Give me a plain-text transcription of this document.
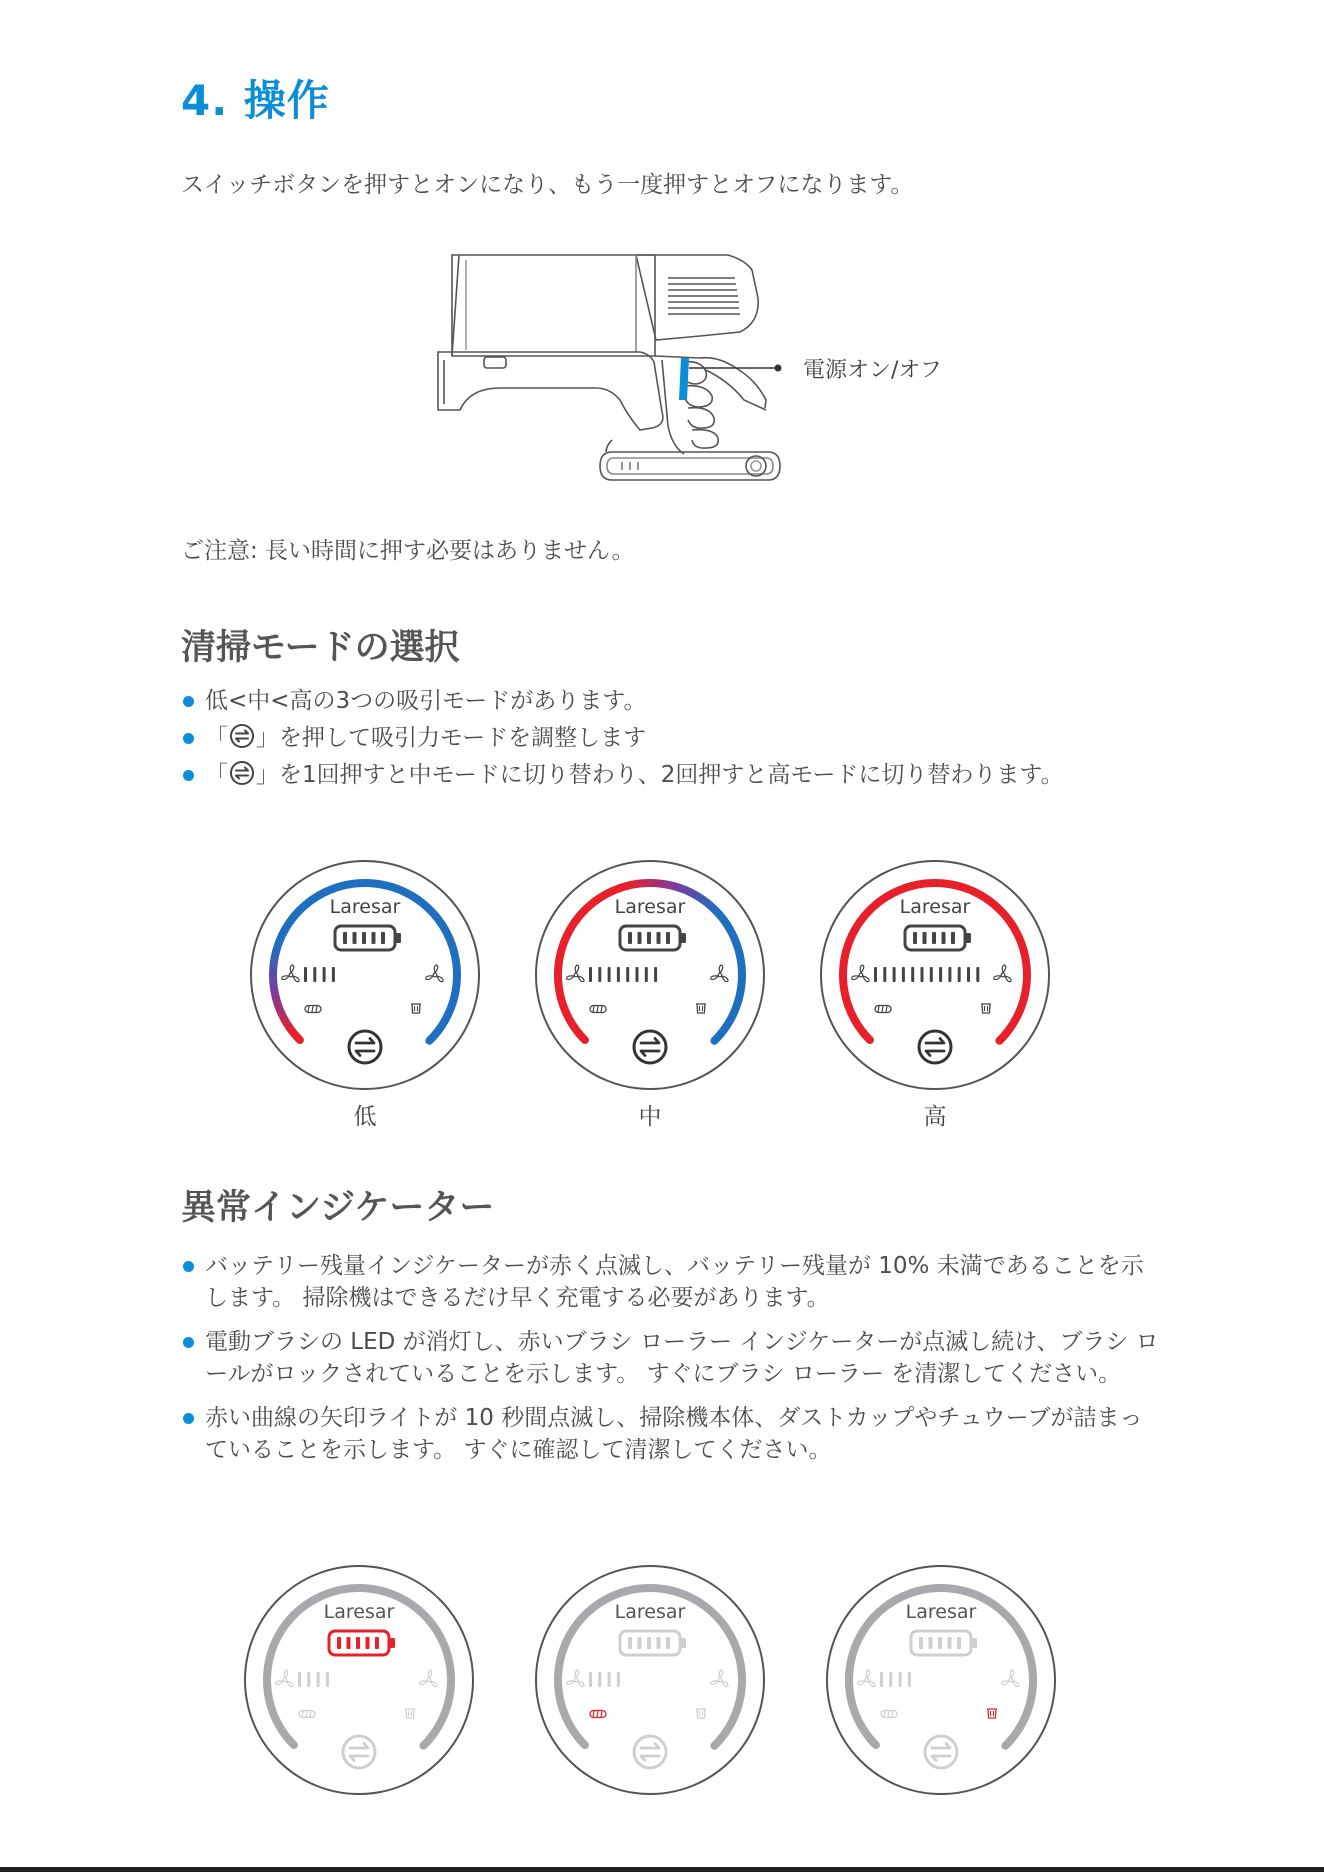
4. 操作
スイッチボタンを押すとオンになり、もう一度押すとオフになります。
電源オン/オフ
ご注意: 長い時間に押す必要はありません。
清掃モードの選択
低<中<高の3つの吸引モードがあります。
「 」を押して吸引力モードを調整します
「 」を1回押すと中モードに切り替わり、2回押すと高モードに切り替わります。
低	中	高
異常インジケーター
バッテリー残量インジケーターが赤く点滅し、バッテリー残量が 10% 未満であることを示します。 掃除機はできるだけ早く充電する必要があります。
電動ブラシの LED が消灯し、赤いブラシ ローラー インジケーターが点滅し続け、ブラシ ロールがロックされていることを示します。 すぐにブラシ ローラー を清潔してください。
赤い曲線の矢印ライトが 10 秒間点滅し、掃除機本体、ダストカップやチュウーブが詰まっていることを示します。 すぐに確認して清潔してください。
Laresar	Laresar	Laresar
Laresar	Laresar	Laresar
